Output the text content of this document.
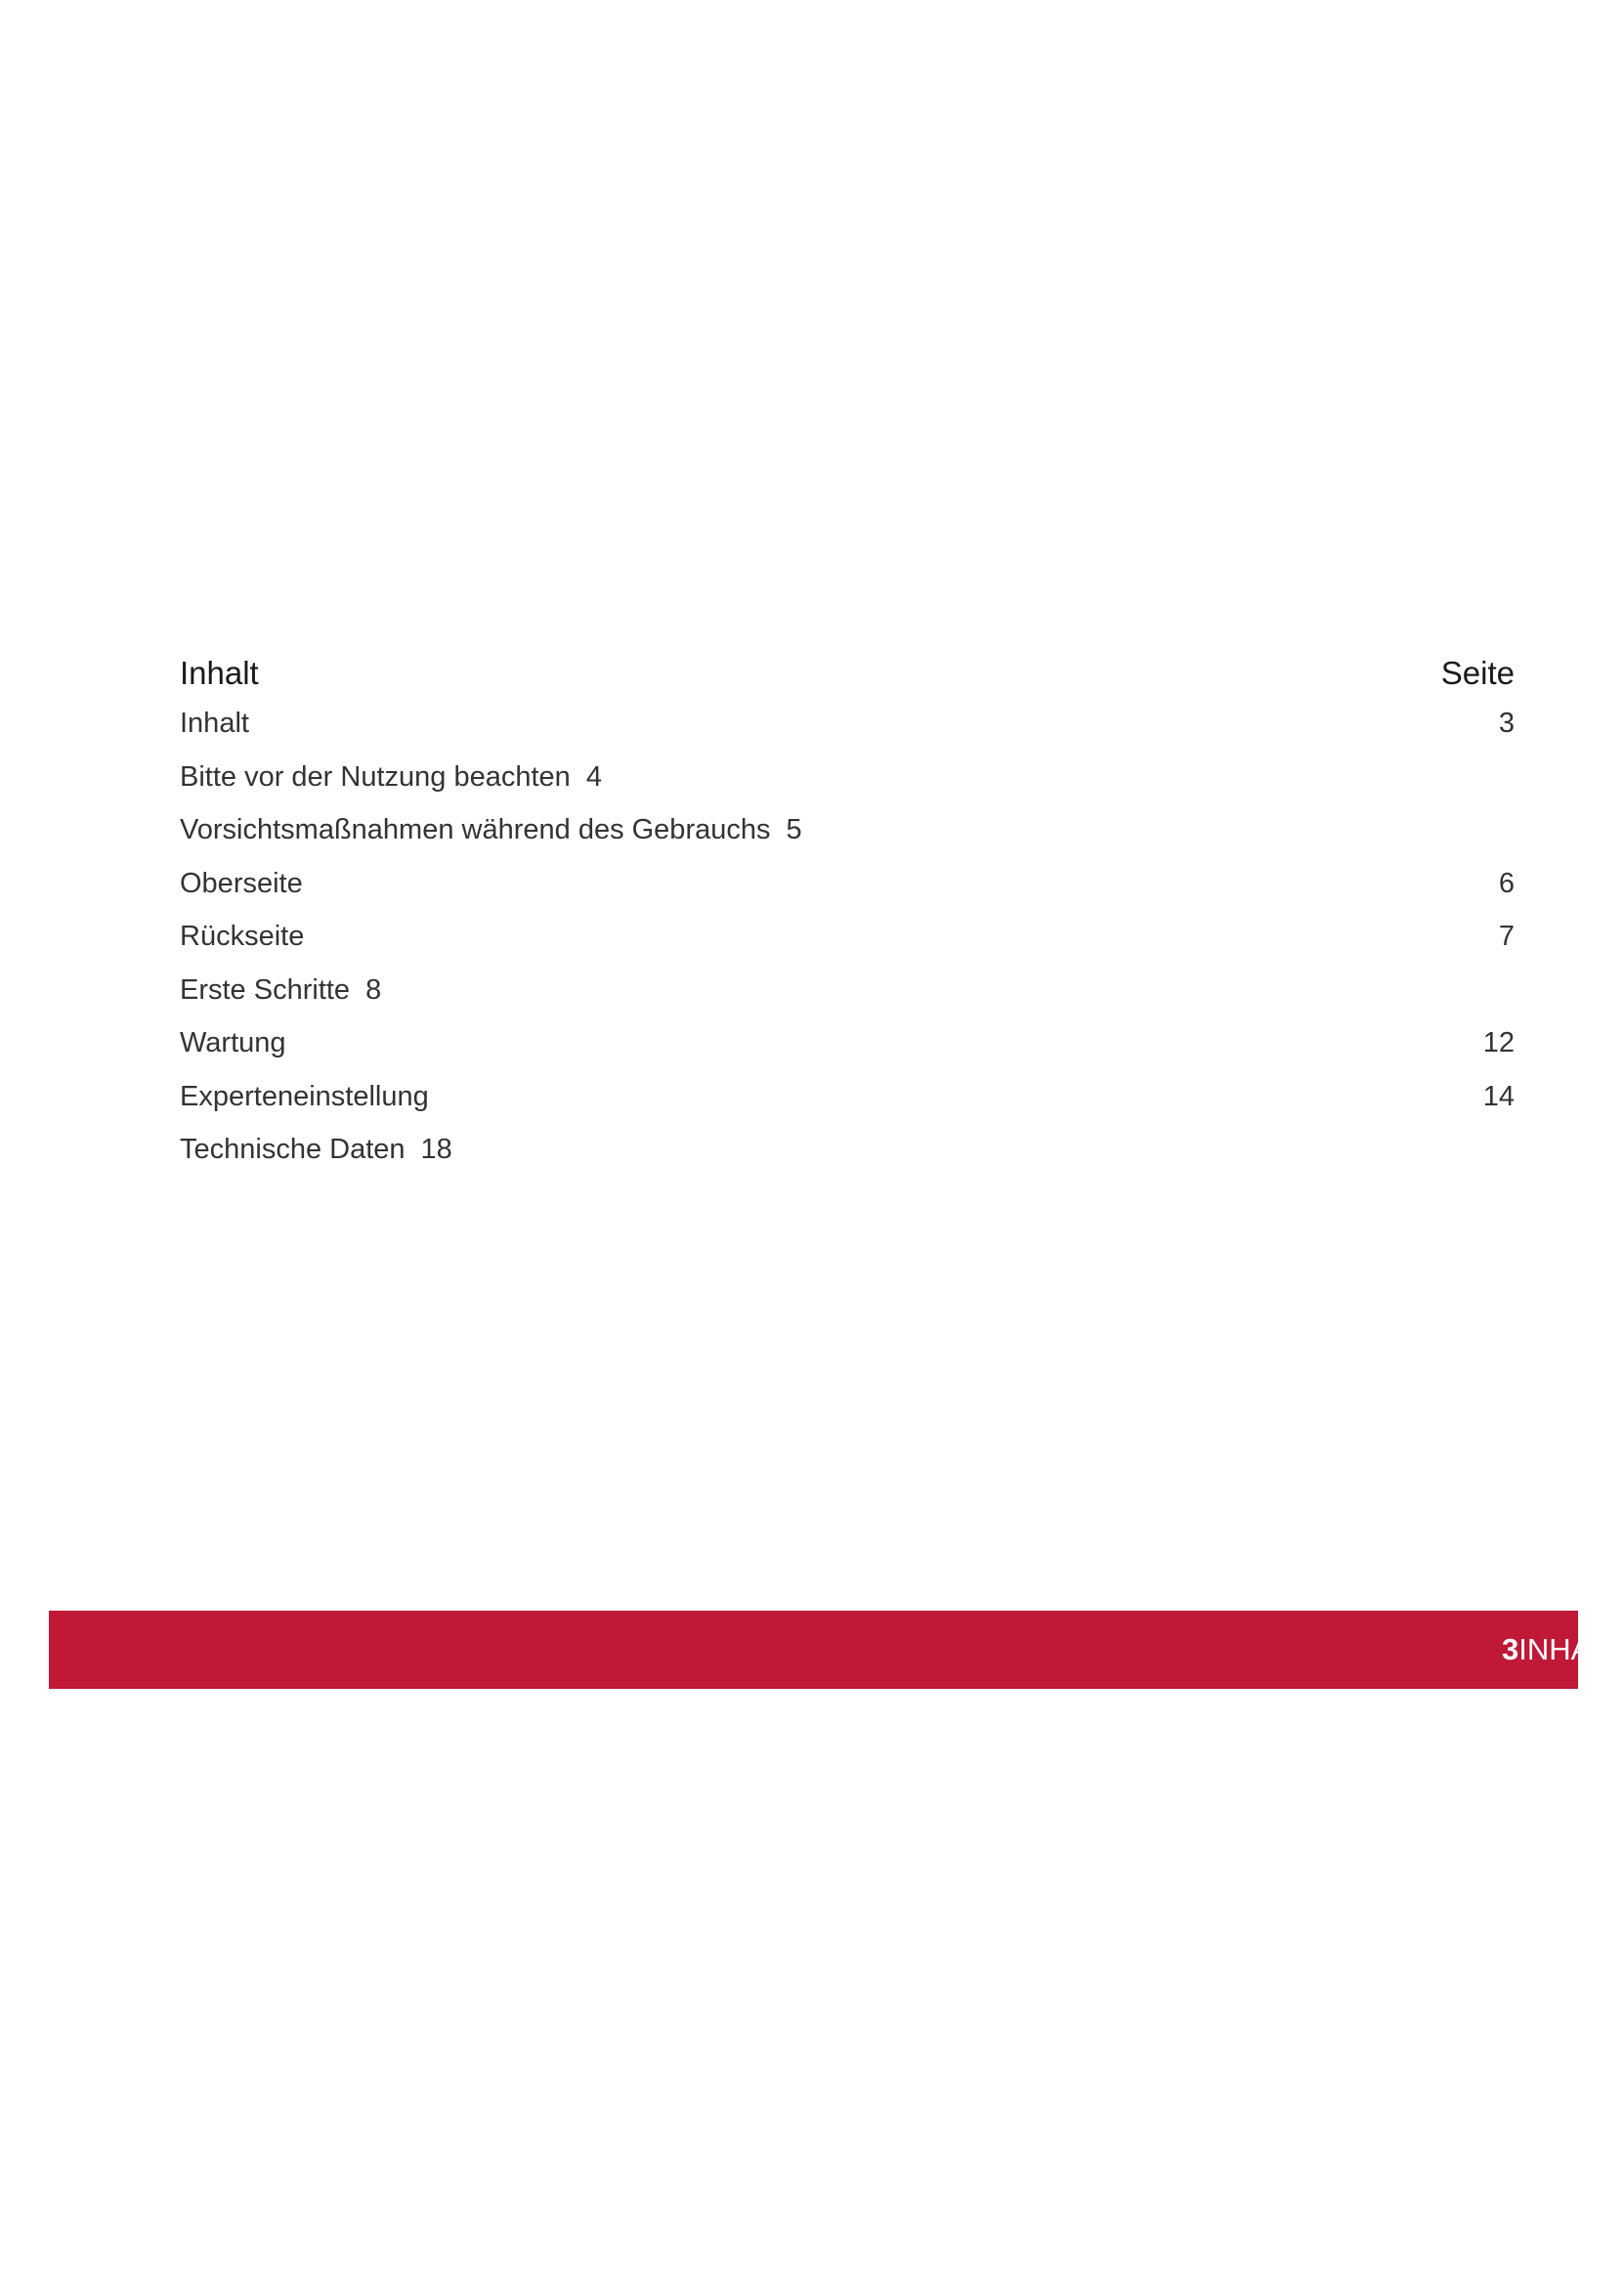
Inhalt	Seite
Inhalt	3
Bitte vor der Nutzung beachten 4
Vorsichtsmaßnahmen während des Gebrauchs 5
Oberseite	6
Rückseite	7
Erste Schritte 8
Wartung	12
Experteneinstellung	14
Technische Daten 18
3INHALT
